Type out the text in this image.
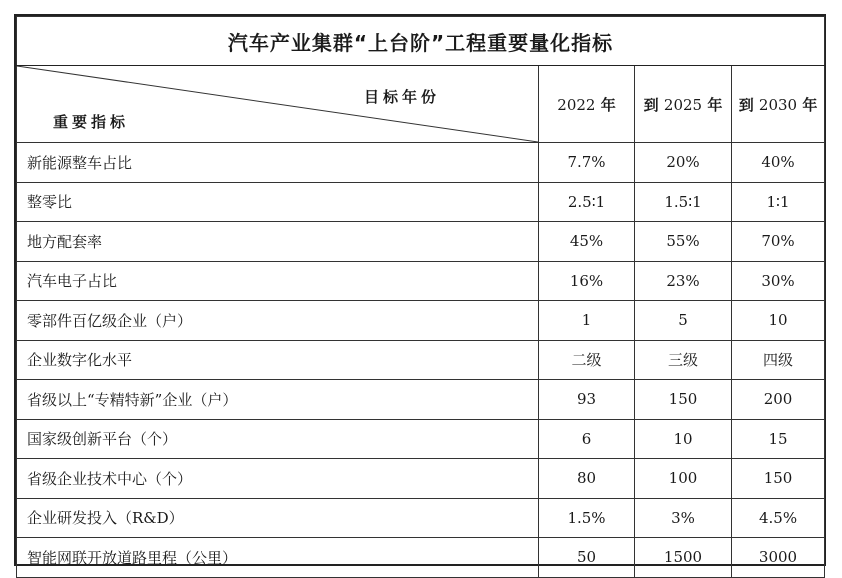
汽车产业集群“上台阶”工程重要量化指标			

目标年份
重要指标	2022 年	到 2025 年	到 2030 年
新能源整车占比	7.7%	20%	40%
整零比	2.5∶1	1.5∶1	1∶1
地方配套率	45%	55%	70%
汽车电子占比	16%	23%	30%
零部件百亿级企业（户）	1	5	10
企业数字化水平	二级	三级	四级
省级以上“专精特新”企业（户）	93	150	200
国家级创新平台（个）	6	10	15
省级企业技术中心（个）	80	100	150
企业研发投入（R&D）	1.5%	3%	4.5%
智能网联开放道路里程（公里）	50	1500	3000
